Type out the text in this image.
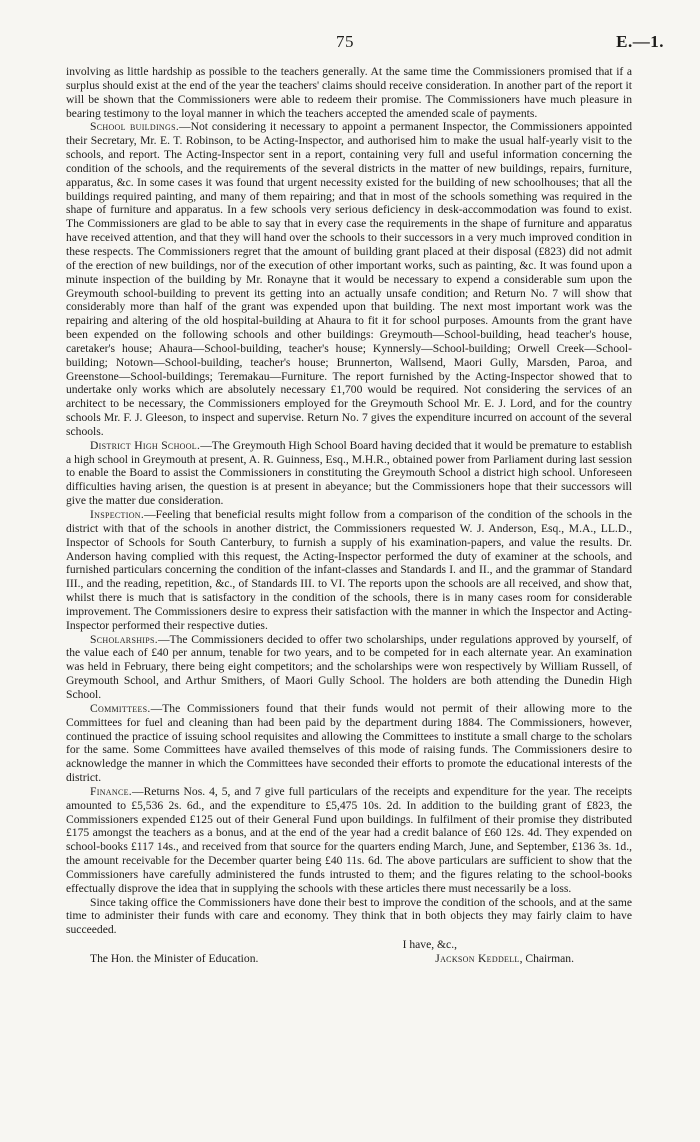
75	E.—1.

involving as little hardship as possible to the teachers generally. At the same time the Commissioners promised that if a surplus should exist at the end of the year the teachers' claims should receive consideration. In another part of the report it will be shown that the Commissioners were able to redeem their promise. The Commissioners have much pleasure in bearing testimony to the loyal manner in which the teachers accepted the amended scale of payments.

School buildings.—Not considering it necessary to appoint a permanent Inspector, the Commissioners appointed their Secretary, Mr. E. T. Robinson, to be Acting-Inspector, and authorised him to make the usual half-yearly visit to the schools, and report. The Acting-Inspector sent in a report, containing very full and useful information concerning the condition of the schools, and the requirements of the several districts in the matter of new buildings, repairs, furniture, apparatus, &c. In some cases it was found that urgent necessity existed for the building of new schoolhouses; that all the buildings required painting, and many of them repairing; and that in most of the schools something was required in the shape of furniture and apparatus. In a few schools very serious deficiency in desk-accommodation was found to exist. The Commissioners are glad to be able to say that in every case the requirements in the shape of furniture and apparatus have received attention, and that they will hand over the schools to their successors in a very much improved condition in these respects. The Commissioners regret that the amount of building grant placed at their disposal (£823) did not admit of the erection of new buildings, nor of the execution of other important works, such as painting, &c. It was found upon a minute inspection of the building by Mr. Ronayne that it would be necessary to expend a considerable sum upon the Greymouth school-building to prevent its getting into an actually unsafe condition; and Return No. 7 will show that considerably more than half of the grant was expended upon that building. The next most important work was the repairing and altering of the old hospital-building at Ahaura to fit it for school purposes. Amounts from the grant have been expended on the following schools and other buildings: Greymouth—School-building, head teacher's house, caretaker's house; Ahaura—School-building, teacher's house; Kynnersly—School-building; Orwell Creek—School-building; Notown—School-building, teacher's house; Brunnerton, Wallsend, Maori Gully, Marsden, Paroa, and Greenstone—School-buildings; Teremakau—Furniture. The report furnished by the Acting-Inspector showed that to undertake only works which are absolutely necessary £1,700 would be required. Not considering the services of an architect to be necessary, the Commissioners employed for the Greymouth School Mr. E. J. Lord, and for the country schools Mr. F. J. Gleeson, to inspect and supervise. Return No. 7 gives the expenditure incurred on account of the several schools.

District High School.—The Greymouth High School Board having decided that it would be premature to establish a high school in Greymouth at present, A. R. Guinness, Esq., M.H.R., obtained power from Parliament during last session to enable the Board to assist the Commissioners in constituting the Greymouth School a district high school. Unforeseen difficulties having arisen, the question is at present in abeyance; but the Commissioners hope that their successors will give the matter due consideration.

Inspection.—Feeling that beneficial results might follow from a comparison of the condition of the schools in the district with that of the schools in another district, the Commissioners requested W. J. Anderson, Esq., M.A., LL.D., Inspector of Schools for South Canterbury, to furnish a supply of his examination-papers, and value the results. Dr. Anderson having complied with this request, the Acting-Inspector performed the duty of examiner at the schools, and furnished particulars concerning the condition of the infant-classes and Standards I. and II., and the grammar of Standard III., and the reading, repetition, &c., of Standards III. to VI. The reports upon the schools are all received, and show that, whilst there is much that is satisfactory in the condition of the schools, there is in many cases room for considerable improvement. The Commissioners desire to express their satisfaction with the manner in which the Inspector and Acting-Inspector performed their respective duties.

Scholarships.—The Commissioners decided to offer two scholarships, under regulations approved by yourself, of the value each of £40 per annum, tenable for two years, and to be competed for in each alternate year. An examination was held in February, there being eight competitors; and the scholarships were won respectively by William Russell, of Greymouth School, and Arthur Smithers, of Maori Gully School. The holders are both attending the Dunedin High School.

Committees.—The Commissioners found that their funds would not permit of their allowing more to the Committees for fuel and cleaning than had been paid by the department during 1884. The Commissioners, however, continued the practice of issuing school requisites and allowing the Committees to institute a small charge to the scholars for the same. Some Committees have availed themselves of this mode of raising funds. The Commissioners desire to acknowledge the manner in which the Committees have seconded their efforts to promote the educational interests of the district.

Finance.—Returns Nos. 4, 5, and 7 give full particulars of the receipts and expenditure for the year. The receipts amounted to £5,536 2s. 6d., and the expenditure to £5,475 10s. 2d. In addition to the building grant of £823, the Commissioners expended £125 out of their General Fund upon buildings. In fulfilment of their promise they distributed £175 amongst the teachers as a bonus, and at the end of the year had a credit balance of £60 12s. 4d. They expended on school-books £117 14s., and received from that source for the quarters ending March, June, and September, £136 3s. 1d., the amount receivable for the December quarter being £40 11s. 6d. The above particulars are sufficient to show that the Commissioners have carefully administered the funds intrusted to them; and the figures relating to the school-books effectually disprove the idea that in supplying the schools with these articles there must necessarily be a loss.

Since taking office the Commissioners have done their best to improve the condition of the schools, and at the same time to administer their funds with care and economy. They think that in both objects they may fairly claim to have succeeded.

I have, &c.,
The Hon. the Minister of Education.	Jackson Keddell, Chairman.
